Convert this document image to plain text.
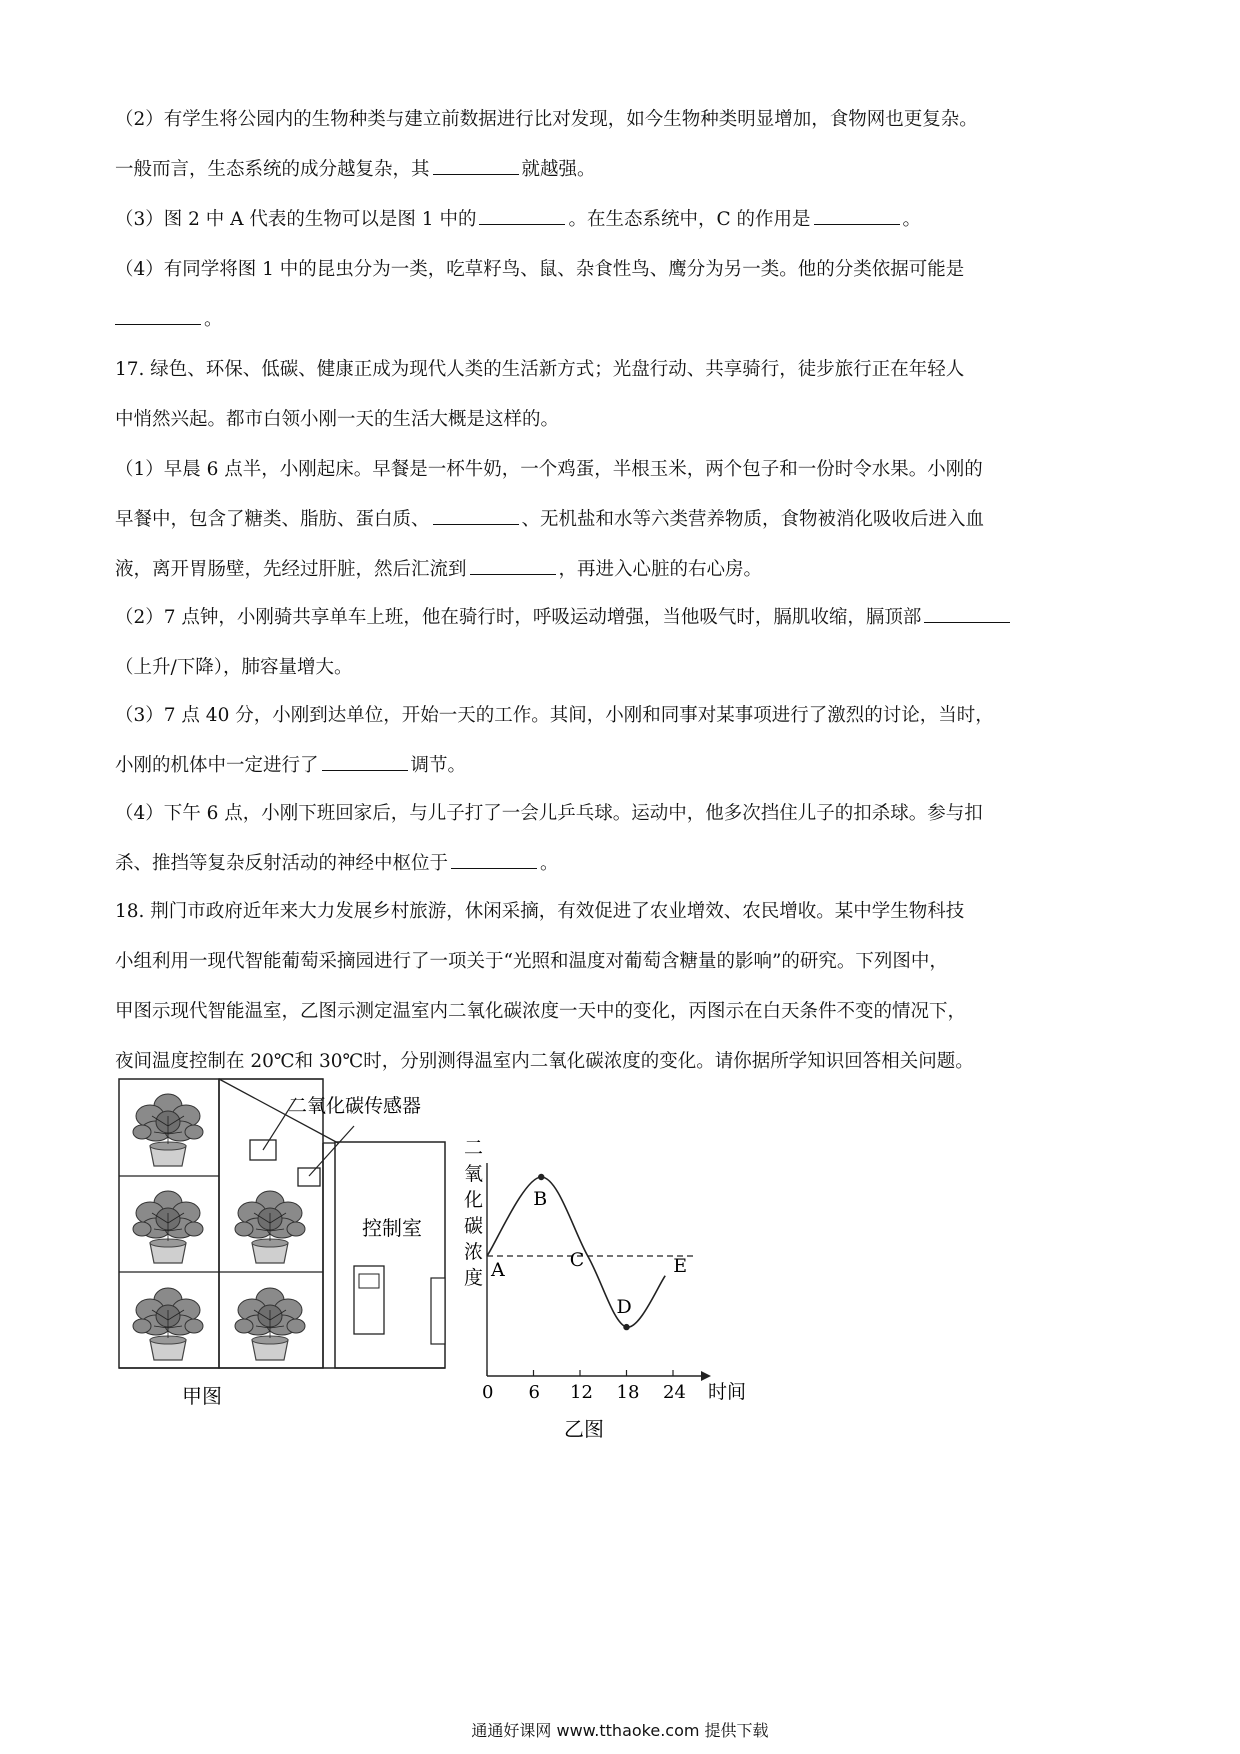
（2）有学生将公园内的生物种类与建立前数据进行比对发现，如今生物种类明显增加，食物网也更复杂。
一般而言，生态系统的成分越复杂，其	就越强。
（3）图 2 中 A 代表的生物可以是图 1 中的	。在生态系统中，C 的作用是	。
（4）有同学将图 1 中的昆虫分为一类，吃草籽鸟、鼠、杂食性鸟、鹰分为另一类。他的分类依据可能是
。
17. 绿色、环保、低碳、健康正成为现代人类的生活新方式；光盘行动、共享骑行，徒步旅行正在年轻人
中悄然兴起。都市白领小刚一天的生活大概是这样的。
（1）早晨 6 点半，小刚起床。早餐是一杯牛奶，一个鸡蛋，半根玉米，两个包子和一份时令水果。小刚的
早餐中，包含了糖类、脂肪、蛋白质、	、无机盐和水等六类营养物质，食物被消化吸收后进入血
液，离开胃肠壁，先经过肝脏，然后汇流到	，再进入心脏的右心房。
（2）7 点钟，小刚骑共享单车上班，他在骑行时，呼吸运动增强，当他吸气时，膈肌收缩，膈顶部
（上升/下降），肺容量增大。
（3）7 点 40 分，小刚到达单位，开始一天的工作。其间，小刚和同事对某事项进行了激烈的讨论，当时，
小刚的机体中一定进行了	调节。
（4）下午 6 点，小刚下班回家后，与儿子打了一会儿乒乓球。运动中，他多次挡住儿子的扣杀球。参与扣
杀、推挡等复杂反射活动的神经中枢位于	。
18. 荆门市政府近年来大力发展乡村旅游，休闲采摘，有效促进了农业增效、农民增收。某中学生物科技
小组利用一现代智能葡萄采摘园进行了一项关于“光照和温度对葡萄含糖量的影响”的研究。下列图中，
甲图示现代智能温室，乙图示测定温室内二氧化碳浓度一天中的变化，丙图示在白天条件不变的情况下，
夜间温度控制在 20℃和 30℃时，分别测得温室内二氧化碳浓度的变化。请你据所学知识回答相关问题。
二氧化碳传感器
控制室
甲图
二氧化碳浓度
时间
0 6 12 18 24
A
B
C
D
E
乙图
通通好课网 www.tthaoke.com 提供下载
